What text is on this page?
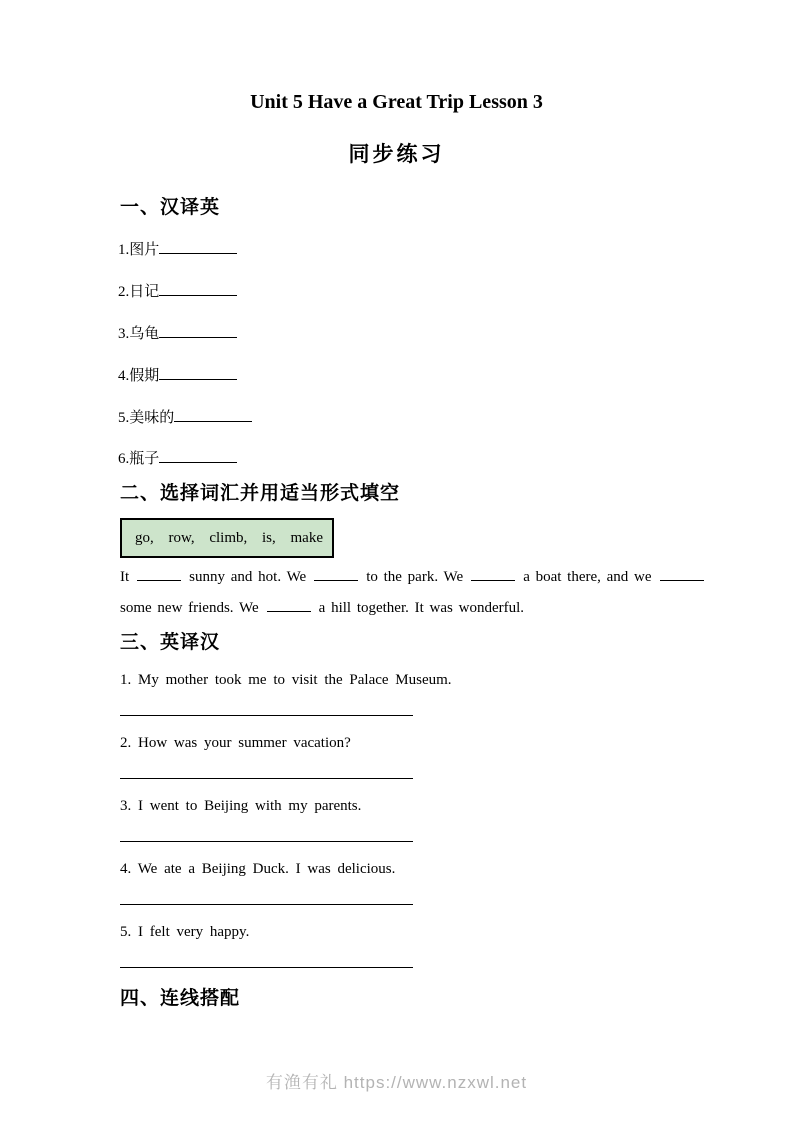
Unit 5 Have a Great Trip Lesson 3
同步练习
一、汉译英
1.图片
2.日记
3.乌龟
4.假期
5.美味的
6.瓶子
二、选择词汇并用适当形式填空
go, row, climb, is, make
It	sunny and hot. We	to the park. We	a boat there, and we
some new friends. We	a hill together. It was wonderful.
三、英译汉
1. My mother took me to visit the Palace Museum.
2. How was your summer vacation?
3. I went to Beijing with my parents.
4. We ate a Beijing Duck. I was delicious.
5. I felt very happy.
四、连线搭配
有渔有礼 https://www.nzxwl.net
